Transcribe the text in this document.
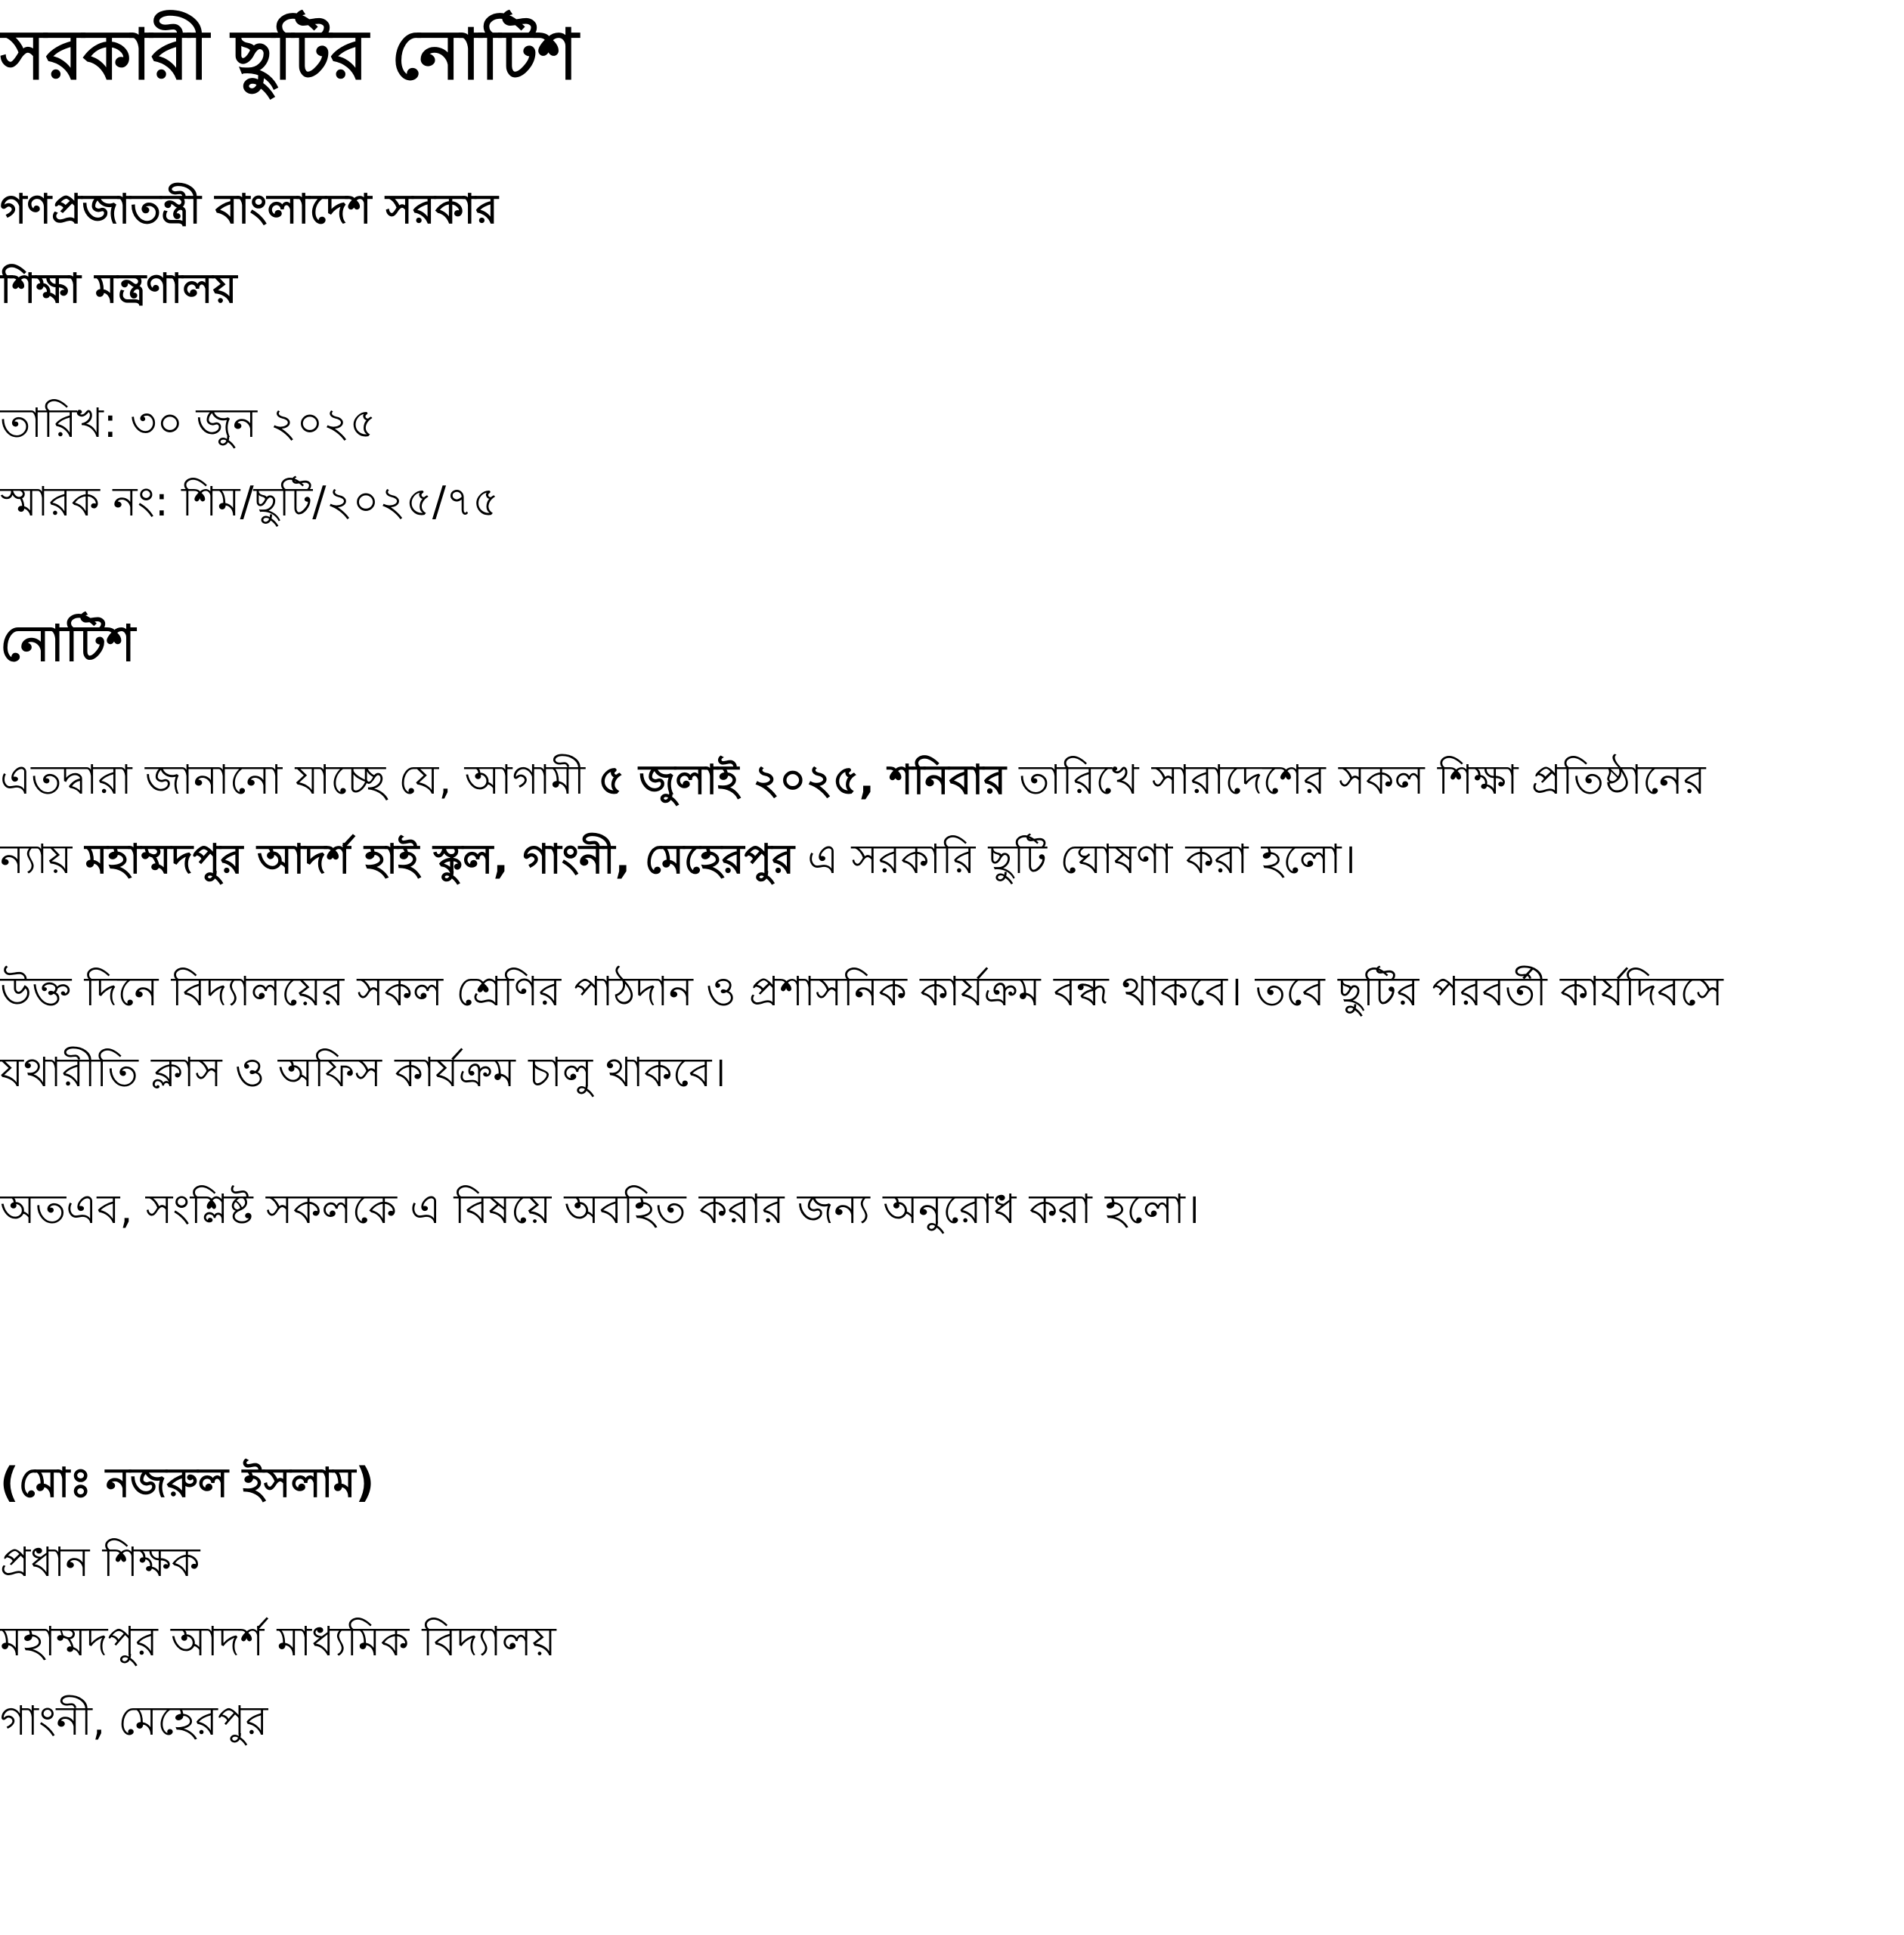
সরকারী ছুটির নোটিশ
গণপ্রজাতন্ত্রী বাংলাদেশ সরকার
শিক্ষা মন্ত্রণালয়
তারিখ: ৩০ জুন ২০২৫
স্মারক নং: শিম/ছুটি/২০২৫/৭৫
নোটিশ
এতদ্বারা জানানো যাচ্ছে যে, আগামী ৫ জুলাই ২০২৫, শনিবার তারিখে সারাদেশের সকল শিক্ষা প্রতিষ্ঠানের
ন্যায় মহাম্মদপুর আদর্শ হাই স্কুল, গাংনী, মেহেরপুর এ সরকারি ছুটি ঘোষণা করা হলো।
উক্ত দিনে বিদ্যালয়ের সকল শ্রেণির পাঠদান ও প্রশাসনিক কার্যক্রম বন্ধ থাকবে। তবে ছুটির পরবর্তী কার্যদিবসে
যথারীতি ক্লাস ও অফিস কার্যক্রম চালু থাকবে।
অতএব, সংশ্লিষ্ট সকলকে এ বিষয়ে অবহিত করার জন্য অনুরোধ করা হলো।
(মোঃ নজরুল ইসলাম)
প্রধান শিক্ষক
মহাম্মদপুর আদর্শ মাধ্যমিক বিদ্যালয়
গাংনী, মেহেরপুর
